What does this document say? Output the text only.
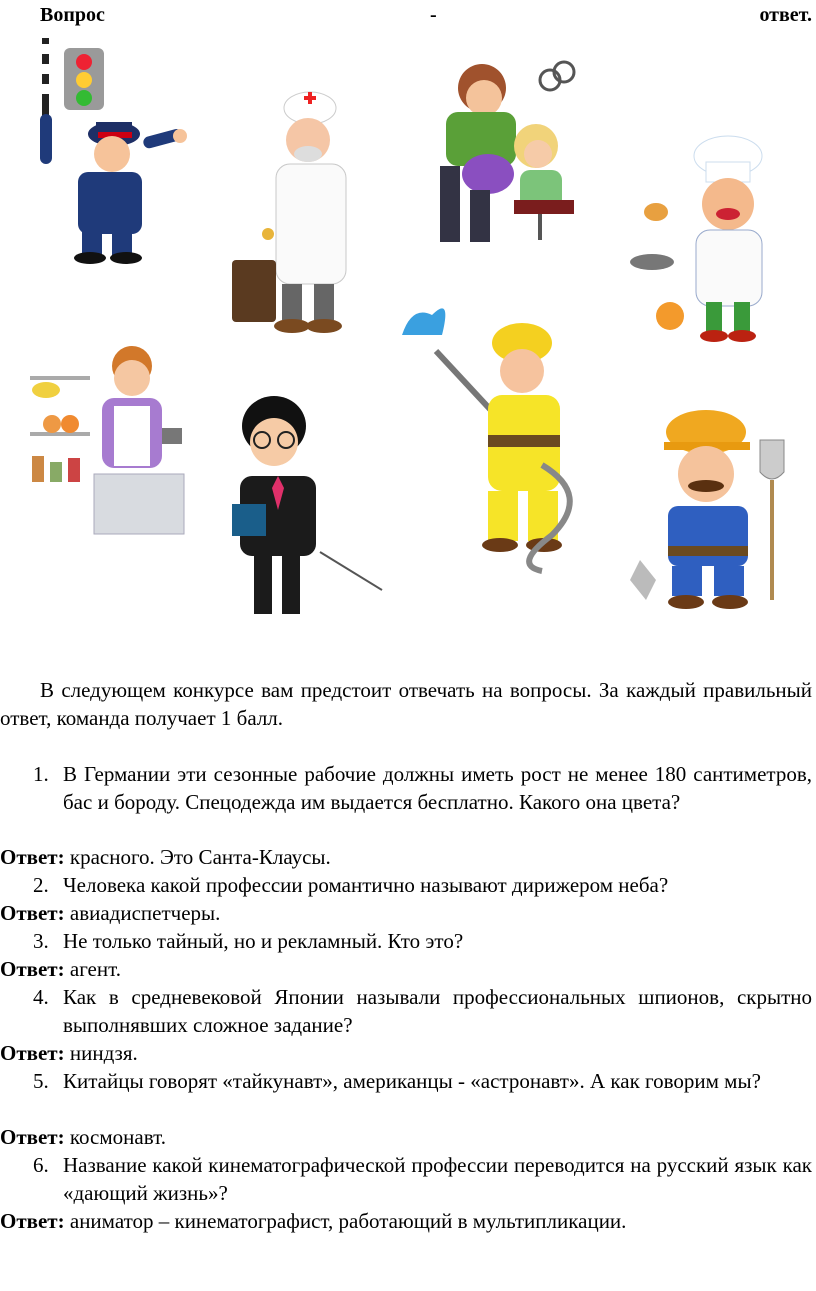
Вопрос	-	ответ.
В следующем конкурсе вам предстоит отвечать на вопросы. За каждый правильный ответ, команда получает 1 балл.
1. В Германии эти сезонные рабочие должны иметь рост не менее 180 сантиметров, бас и бороду. Спецодежда им выдается бесплатно. Какого она цвета?
Ответ: красного. Это Санта-Клаусы.
2. Человека какой профессии романтично называют дирижером неба?
Ответ: авиадиспетчеры.
3. Не только тайный, но и рекламный. Кто это?
Ответ: агент.
4. Как в средневековой Японии называли профессиональных шпионов, скрытно выполнявших сложное задание?
Ответ: ниндзя.
5. Китайцы говорят «тайкунавт», американцы - «астронавт». А как говорим мы?
Ответ: космонавт.
6. Название какой кинематографической профессии переводится на русский язык как «дающий жизнь»?
Ответ: аниматор – кинематографист, работающий в мультипликации.
